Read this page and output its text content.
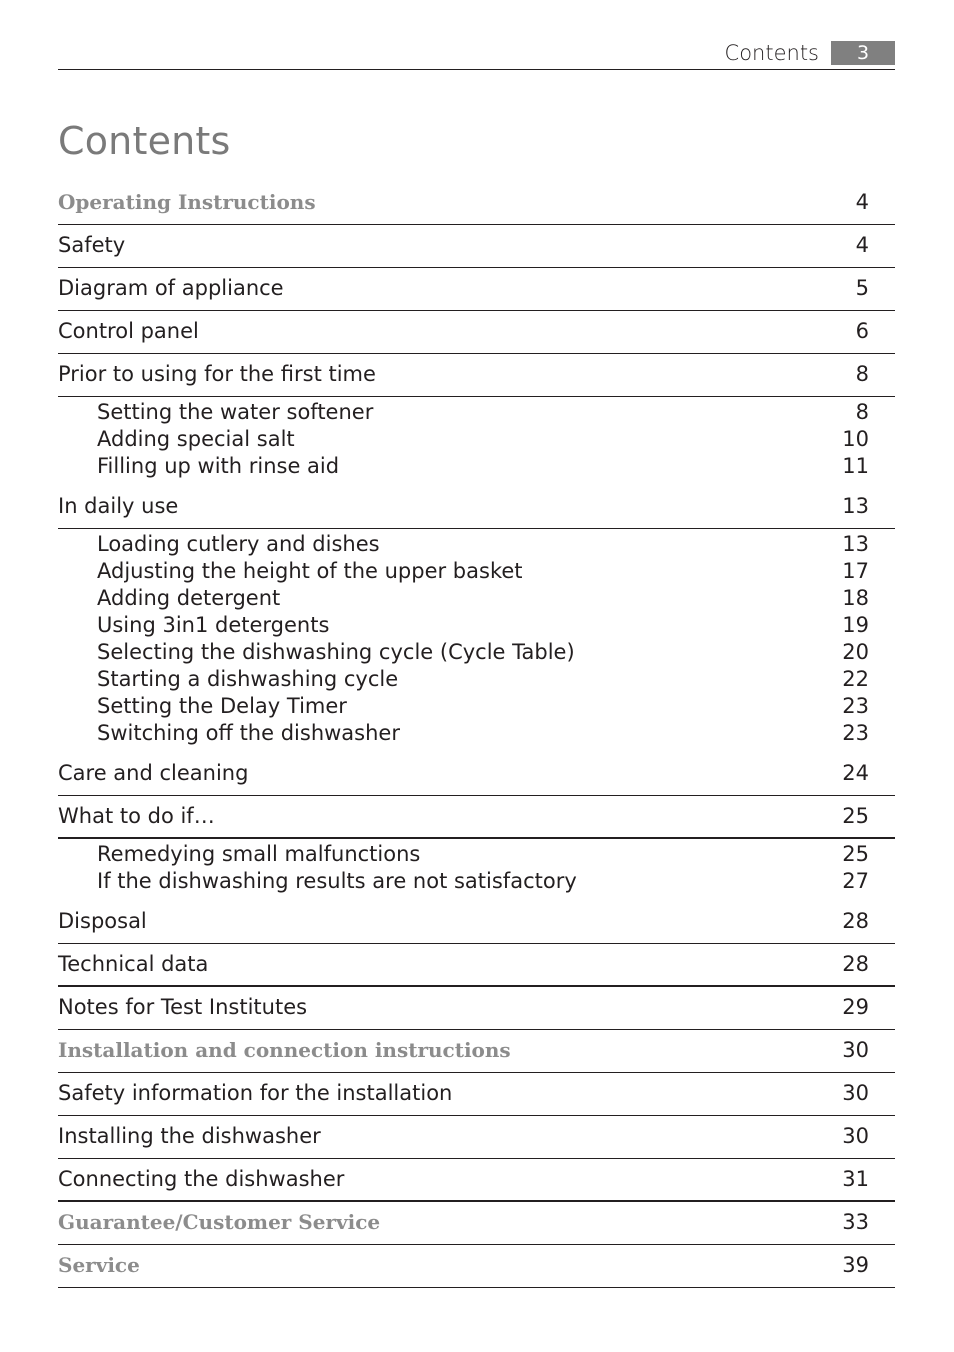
Contents	3
Contents
Operating Instructions	4
Safety	4
Diagram of appliance	5
Control panel	6
Prior to using for the first time	8
Setting the water softener	8
Adding special salt	10
Filling up with rinse aid	11
In daily use	13
Loading cutlery and dishes	13
Adjusting the height of the upper basket	17
Adding detergent	18
Using 3in1 detergents	19
Selecting the dishwashing cycle (Cycle Table)	20
Starting a dishwashing cycle	22
Setting the Delay Timer	23
Switching off the dishwasher	23
Care and cleaning	24
What to do if…	25
Remedying small malfunctions	25
If the dishwashing results are not satisfactory	27
Disposal	28
Technical data	28
Notes for Test Institutes	29
Installation and connection instructions	30
Safety information for the installation	30
Installing the dishwasher	30
Connecting the dishwasher	31
Guarantee/Customer Service	33
Service	39
